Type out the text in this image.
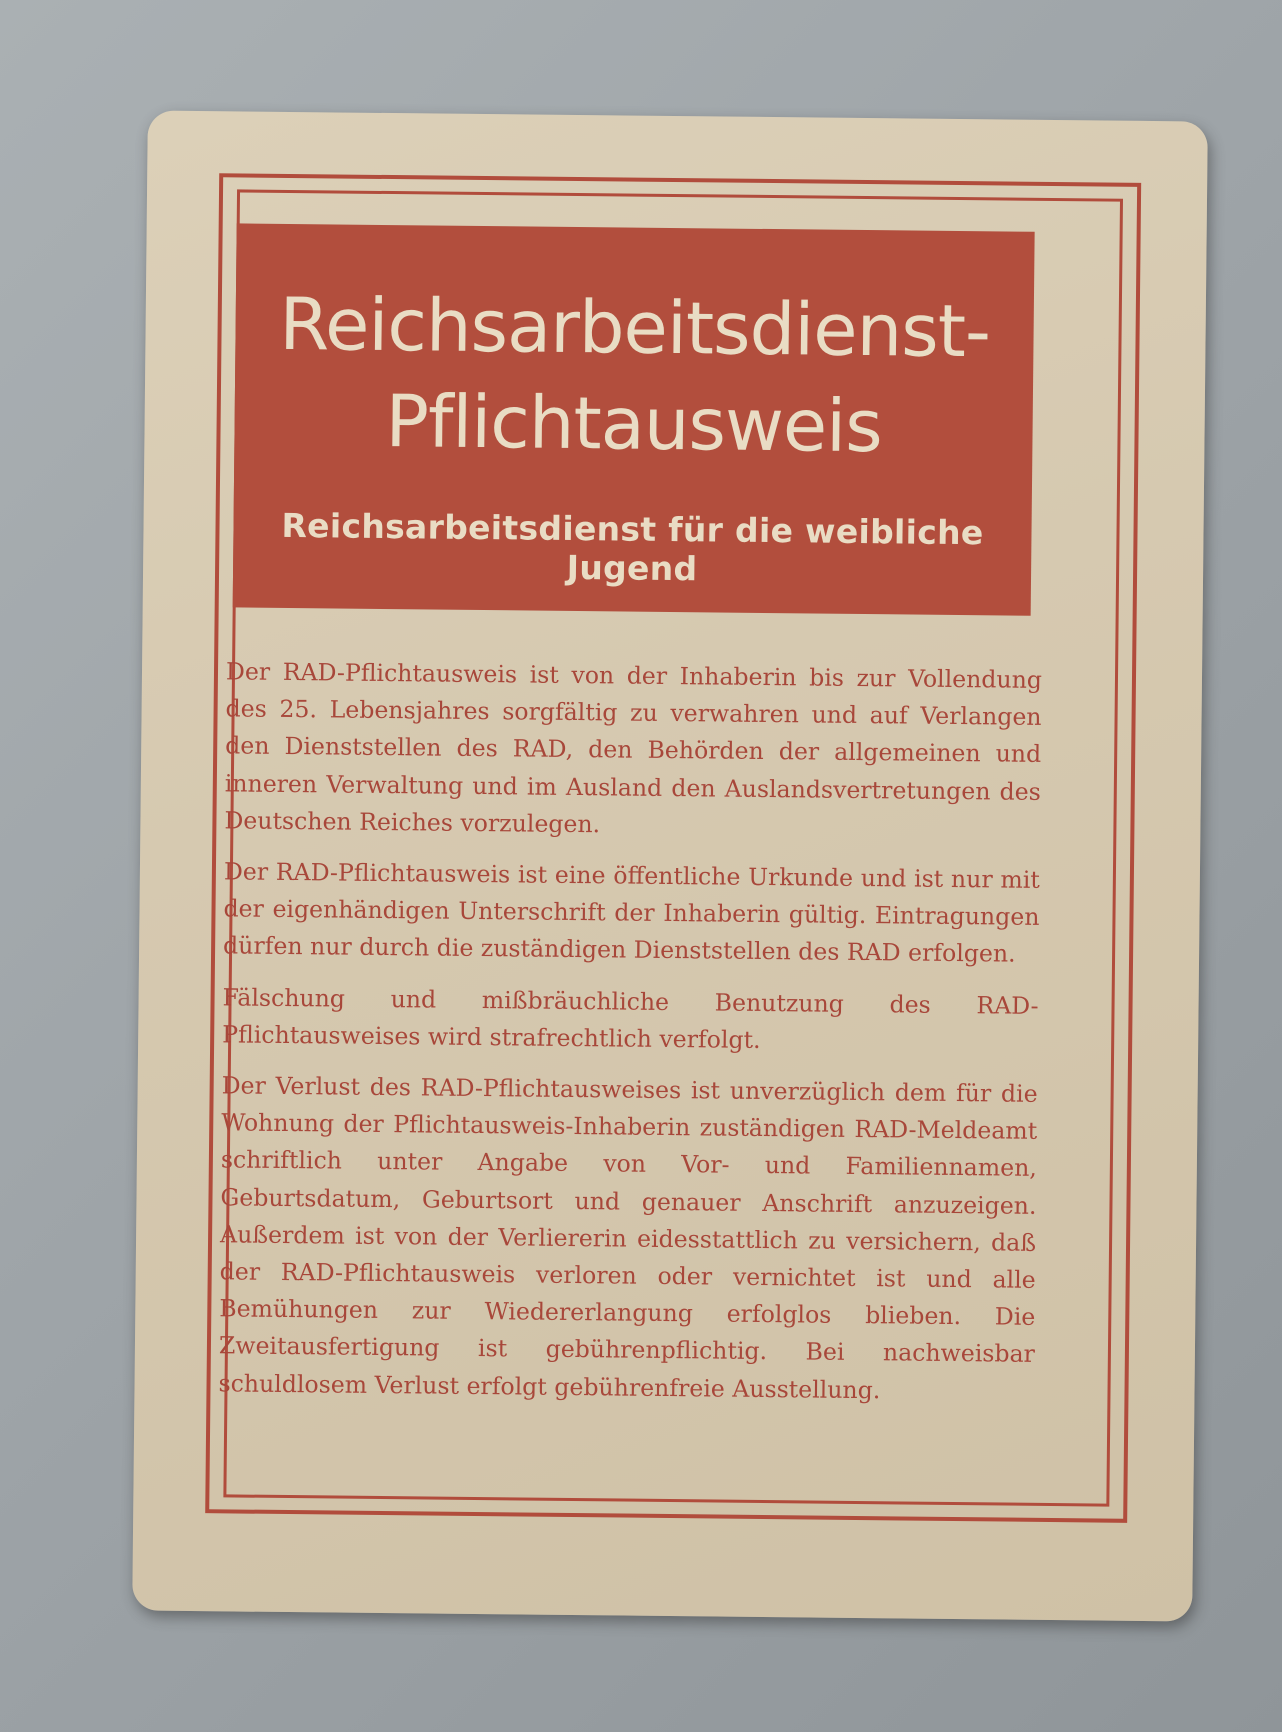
Reichsarbeitsdienst-
Pflichtausweis
Reichsarbeitsdienst für die weibliche Jugend

Der RAD-Pflichtausweis ist von der Inhaberin bis zur Vollendung des 25. Lebensjahres sorgfältig zu verwahren und auf Verlangen den Dienststellen des RAD, den Behörden der allgemeinen und inneren Verwaltung und im Ausland den Auslandsvertretungen des Deutschen Reiches vorzulegen.

Der RAD-Pflichtausweis ist eine öffentliche Urkunde und ist nur mit der eigenhändigen Unterschrift der Inhaberin gültig. Eintragungen dürfen nur durch die zuständigen Dienststellen des RAD erfolgen.

Fälschung und mißbräuchliche Benutzung des RAD-Pflichtausweises wird strafrechtlich verfolgt.

Der Verlust des RAD-Pflichtausweises ist unverzüglich dem für die Wohnung der Pflichtausweis-Inhaberin zuständigen RAD-Meldeamt schriftlich unter Angabe von Vor- und Familiennamen, Geburtsdatum, Geburtsort und genauer Anschrift anzuzeigen. Außerdem ist von der Verliererin eidesstattlich zu versichern, daß der RAD-Pflichtausweis verloren oder vernichtet ist und alle Bemühungen zur Wiedererlangung erfolglos blieben. Die Zweitausfertigung ist gebührenpflichtig. Bei nachweisbar schuldlosem Verlust erfolgt gebührenfreie Ausstellung.
